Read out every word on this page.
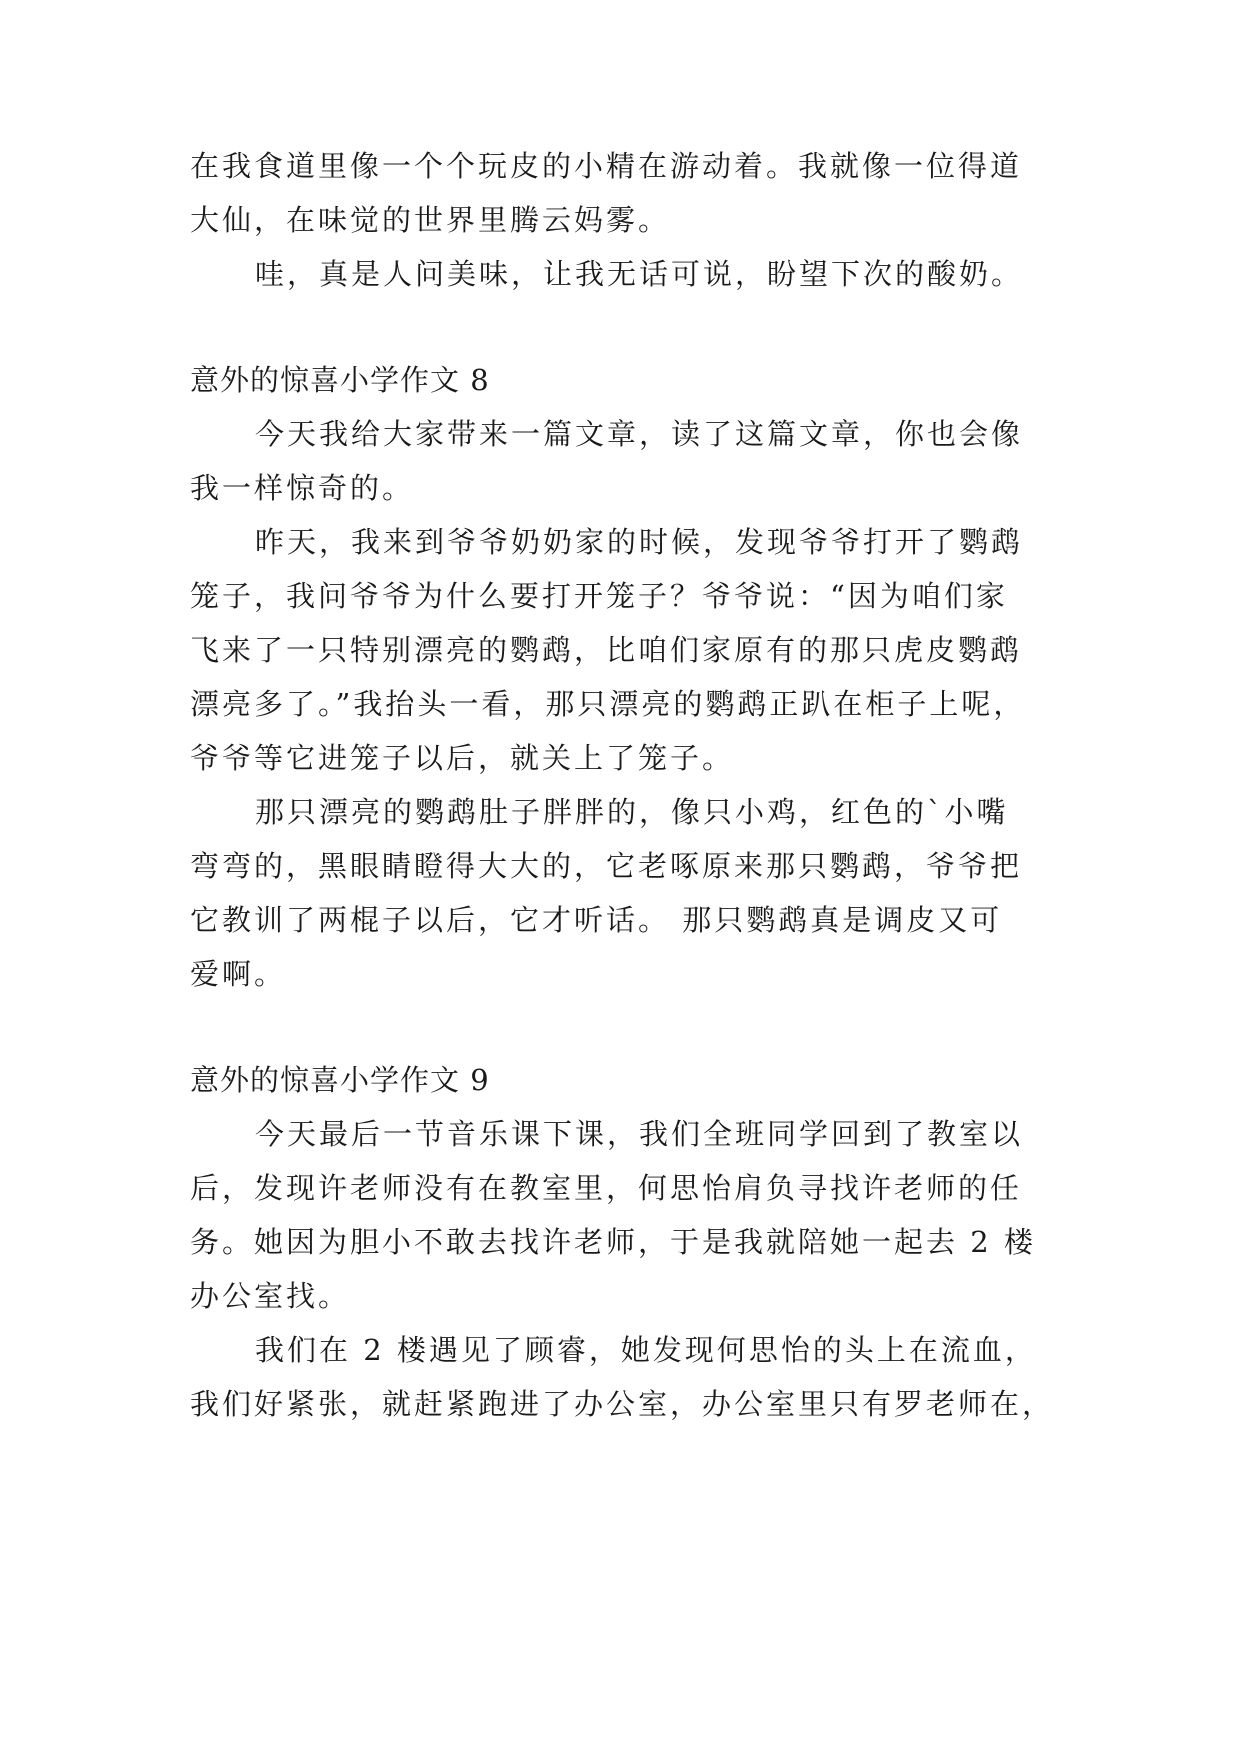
在我食道里像一个个玩皮的小精在游动着。我就像一位得道
大仙，在味觉的世界里腾云妈雾。
哇，真是人问美味，让我无话可说，盼望下次的酸奶。
意外的惊喜小学作文 8
今天我给大家带来一篇文章，读了这篇文章，你也会像
我一样惊奇的。
昨天，我来到爷爷奶奶家的时候，发现爷爷打开了鹦鹉
笼子，我问爷爷为什么要打开笼子？爷爷说：“因为咱们家
飞来了一只特别漂亮的鹦鹉，比咱们家原有的那只虎皮鹦鹉
漂亮多了。”我抬头一看，那只漂亮的鹦鹉正趴在柜子上呢，
爷爷等它进笼子以后，就关上了笼子。
那只漂亮的鹦鹉肚子胖胖的，像只小鸡，红色的`小嘴
弯弯的，黑眼睛瞪得大大的，它老啄原来那只鹦鹉，爷爷把
它教训了两棍子以后，它才听话。 那只鹦鹉真是调皮又可
爱啊。
意外的惊喜小学作文 9
今天最后一节音乐课下课，我们全班同学回到了教室以
后，发现许老师没有在教室里，何思怡肩负寻找许老师的任
务。她因为胆小不敢去找许老师，于是我就陪她一起去 2 楼
办公室找。
我们在 2 楼遇见了顾睿，她发现何思怡的头上在流血，
我们好紧张，就赶紧跑进了办公室，办公室里只有罗老师在，
